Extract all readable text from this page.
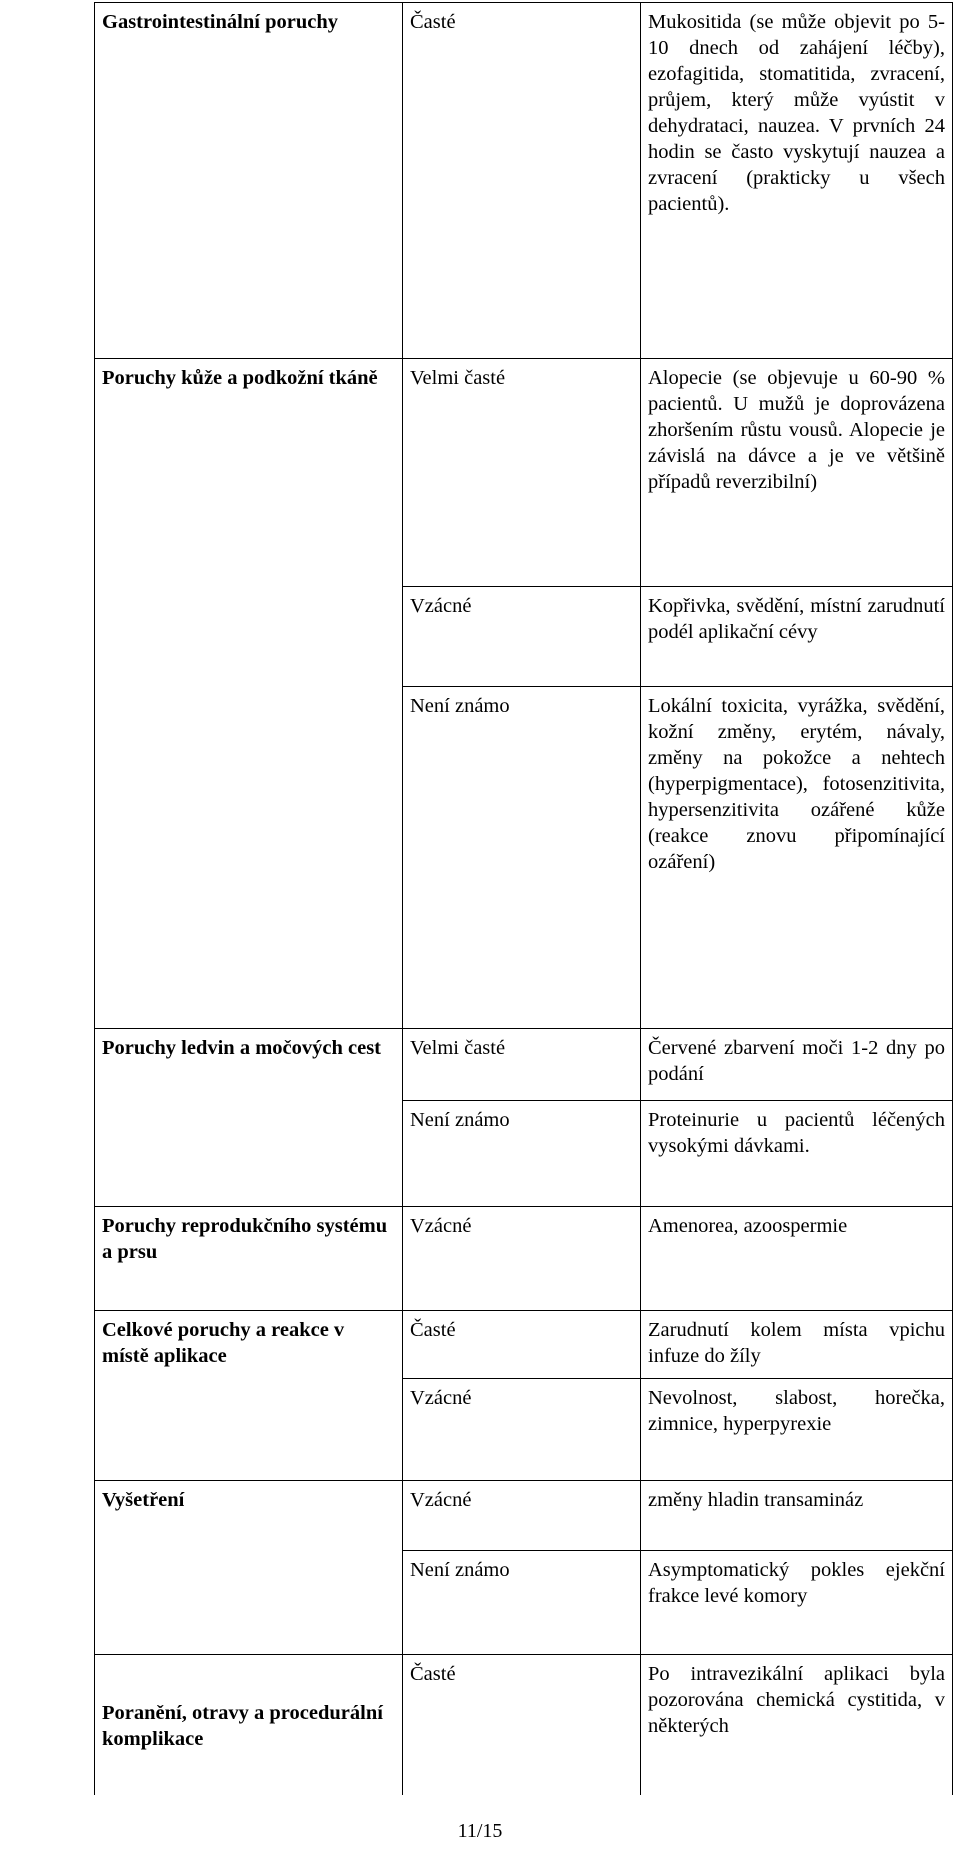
Gastrointestinální poruchy	Časté	Mukositida (se může objevit po 5-10 dnech od zahájení léčby), ezofagitida, stomatitida, zvracení, průjem, který může vyústit v dehydrataci, nauzea. V prvních 24 hodin se často vyskytují nauzea a zvracení (prakticky u všech pacientů).
Poruchy kůže a podkožní tkáně	Velmi časté	Alopecie (se objevuje u 60-90 % pacientů. U mužů je doprovázena zhoršením růstu vousů. Alopecie je závislá na dávce a je ve většině případů reverzibilní)
	Vzácné	Kopřivka, svědění, místní zarudnutí podél aplikační cévy
	Není známo	Lokální toxicita, vyrážka, svědění, kožní změny, erytém, návaly, změny na pokožce a nehtech (hyperpigmentace), fotosenzitivita, hypersenzitivita ozářené kůže (reakce znovu připomínající ozáření)
Poruchy ledvin a močových cest	Velmi časté	Červené zbarvení moči 1-2 dny po podání
	Není známo	Proteinurie u pacientů léčených vysokými dávkami.
Poruchy reprodukčního systému a prsu	Vzácné	Amenorea, azoospermie
Celkové poruchy a reakce v místě aplikace	Časté	Zarudnutí kolem místa vpichu infuze do žíly
	Vzácné	Nevolnost, slabost, horečka, zimnice, hyperpyrexie
Vyšetření	Vzácné	změny hladin transamináz
	Není známo	Asymptomatický pokles ejekční frakce levé komory
Poranění, otravy a procedurální komplikace	Časté	Po intravezikální aplikaci byla pozorována chemická cystitida, v některých
11/15
